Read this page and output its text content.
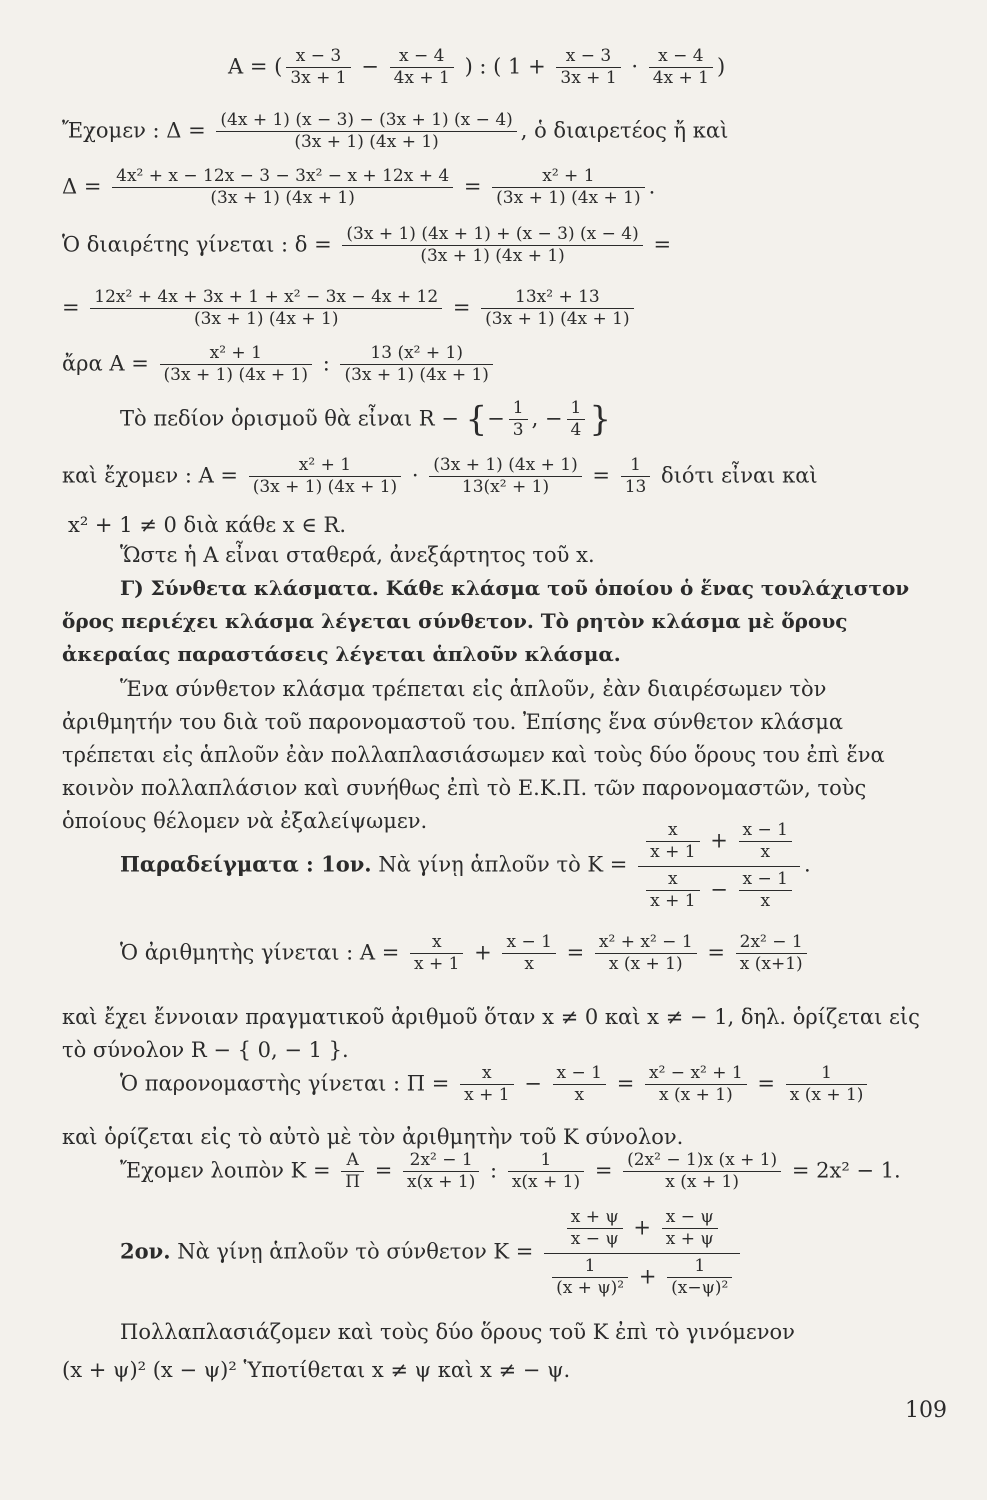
A = ( $\frac{x - 3}{3x + 1} - \frac{x - 4}{4x + 1}$ ) : ( $1 + \frac{x - 3}{3x + 1} \cdot \frac{x - 4}{4x + 1}$ )
Ἔχομεν : $\Delta = \frac{(4x + 1) (x - 3) - (3x + 1) (x - 4)}{(3x + 1) (4x + 1)}$ , ὁ διαιρετέος ἤ καὶ
$\Delta = \frac{\text{4x² + x − 12x − 3 − 3x² − x + 12x + 4}}{(3x + 1) (4x + 1)} = \frac{\text{x² + 1}}{(3x + 1) (4x + 1)}$ .
Ὁ διαιρέτης γίνεται : $\delta = \frac{(3x + 1) (4x + 1) + (x - 3) (x - 4)}{(3x + 1) (4x + 1)}$ =
= $\frac{\text{12x² + 4x + 3x + 1 + x² − 3x − 4x + 12}}{(3x + 1) (4x + 1)} = \frac{\text{13x² + 13}}{(3x + 1) (4x + 1)}$
ἄρα $A = \frac{\text{x² + 1}}{(3x + 1) (4x + 1)}$ : $\frac{\text{13 (x² + 1)}}{(3x + 1) (4x + 1)}$
Τὸ πεδίον ὁρισμοῦ θὰ εἶναι R − {− $\frac{1}{3}$ , − $\frac{1}{4}$ }
καὶ ἔχομεν : $A = \frac{\text{x² + 1}}{(3x + 1) (4x + 1)} \cdot \frac{(3x + 1) (4x + 1)}{\text{13(x² + 1)}} = \frac{1}{13}$ διότι εἶναι καὶ
x² + 1 ≠ 0 διὰ κάθε x ∈ R.
Ὥστε ἡ A εἶναι σταθερά, ἀνεξάρτητος τοῦ x.
Γ) Σύνθετα κλάσματα. Κάθε κλάσμα τοῦ ὁποίου ὁ ἕνας τουλάχιστον ὅρος περιέχει κλάσμα λέγεται σύνθετον. Τὸ ρητὸν κλάσμα μὲ ὅρους ἀκεραίας παραστάσεις λέγεται ἁπλοῦν κλάσμα.
Ἕνα σύνθετον κλάσμα τρέπεται εἰς ἁπλοῦν, ἐὰν διαιρέσωμεν τὸν ἀριθμητήν του διὰ τοῦ παρονομαστοῦ του. Ἐπίσης ἕνα σύνθετον κλάσμα τρέπεται εἰς ἁπλοῦν ἐὰν πολλαπλασιάσωμεν καὶ τοὺς δύο ὅρους του ἐπὶ ἕνα κοινὸν πολλαπλάσιον καὶ συνήθως ἐπὶ τὸ Ε.Κ.Π. τῶν παρονομαστῶν, τοὺς ὁποίους θέλομεν νὰ ἐξαλείψωμεν.
Παραδείγματα : 1ον. Νὰ γίνῃ ἁπλοῦν τὸ $K = \frac{\frac{x}{x + 1} + \frac{x - 1}{x}}{\frac{x}{x + 1} - \frac{x - 1}{x}}$ .
Ὁ ἀριθμητὴς γίνεται : $A = \frac{x}{x + 1} + \frac{x - 1}{x} = \frac{\text{x² + x² − 1}}{x (x + 1)} = \frac{\text{2x² − 1}}{x (x+1)}$
καὶ ἔχει ἔννοιαν πραγματικοῦ ἀριθμοῦ ὅταν x ≠ 0 καὶ x ≠ − 1, δηλ. ὁρίζεται εἰς τὸ σύνολον R − { 0, − 1 }.
Ὁ παρονομαστὴς γίνεται : $\Pi = \frac{x}{x + 1} - \frac{x - 1}{x} = \frac{\text{x² − x² + 1}}{x (x + 1)} = \frac{1}{x (x + 1)}$
καὶ ὁρίζεται εἰς τὸ αὐτὸ μὲ τὸν ἀριθμητὴν τοῦ K σύνολον.
Ἔχομεν λοιπὸν $K = \frac{A}{\Pi} = \frac{\text{2x² − 1}}{x(x + 1)}$ : $\frac{1}{x(x + 1)} = \frac{\text{(2x² − 1)x (x + 1)}}{x (x + 1)} = 2x^2 - 1$.
2ον. Νὰ γίνῃ ἁπλοῦν τὸ σύνθετον $K = \frac{\frac{x + \psi}{x - \psi} + \frac{x - \psi}{x + \psi}}{\frac{1}{\text{(x + ψ)²}} + \frac{1}{\text{(x−ψ)²}}}$
Πολλαπλασιάζομεν καὶ τοὺς δύο ὅρους τοῦ K ἐπὶ τὸ γινόμενον
(x + ψ)² (x − ψ)² Ὑποτίθεται x ≠ ψ καὶ x ≠ − ψ.
109
